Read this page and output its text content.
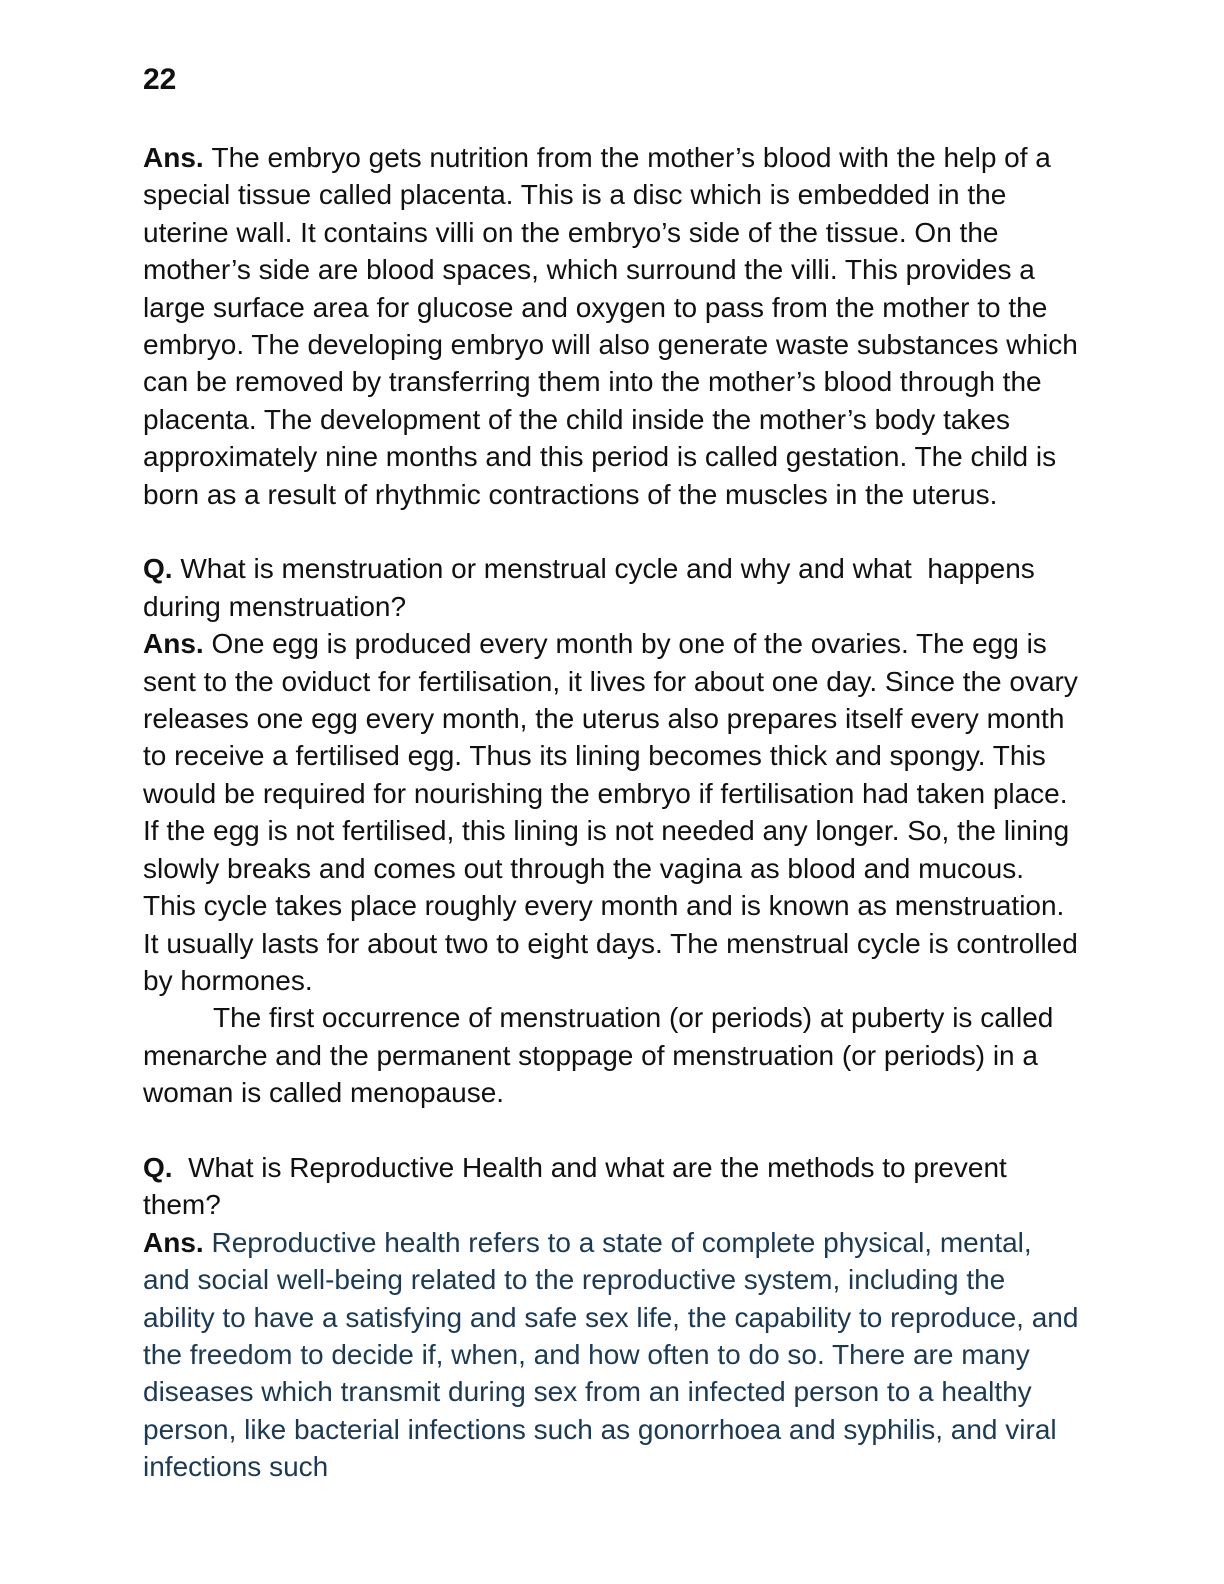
22

Ans. The embryo gets nutrition from the mother’s blood with the help of a special tissue called placenta. This is a disc which is embedded in the uterine wall. It contains villi on the embryo’s side of the tissue. On the mother’s side are blood spaces, which surround the villi. This provides a large surface area for glucose and oxygen to pass from the mother to the embryo. The developing embryo will also generate waste substances which can be removed by transferring them into the mother’s blood through the placenta. The development of the child inside the mother’s body takes approximately nine months and this period is called gestation. The child is born as a result of rhythmic contractions of the muscles in the uterus.

Q. What is menstruation or menstrual cycle and why and what  happens during menstruation?

Ans. One egg is produced every month by one of the ovaries. The egg is sent to the oviduct for fertilisation, it lives for about one day. Since the ovary releases one egg every month, the uterus also prepares itself every month to receive a fertilised egg. Thus its lining becomes thick and spongy. This would be required for nourishing the embryo if fertilisation had taken place. If the egg is not fertilised, this lining is not needed any longer. So, the lining slowly breaks and comes out through the vagina as blood and mucous. This cycle takes place roughly every month and is known as menstruation. It usually lasts for about two to eight days. The menstrual cycle is controlled by hormones.

The first occurrence of menstruation (or periods) at puberty is called menarche and the permanent stoppage of menstruation (or periods) in a woman is called menopause.

Q.  What is Reproductive Health and what are the methods to prevent them?

Ans. Reproductive health refers to a state of complete physical, mental, and social well-being related to the reproductive system, including the ability to have a satisfying and safe sex life, the capability to reproduce, and the freedom to decide if, when, and how often to do so. There are many diseases which transmit during sex from an infected person to a healthy person, like bacterial infections such as gonorrhoea and syphilis, and viral infections such
